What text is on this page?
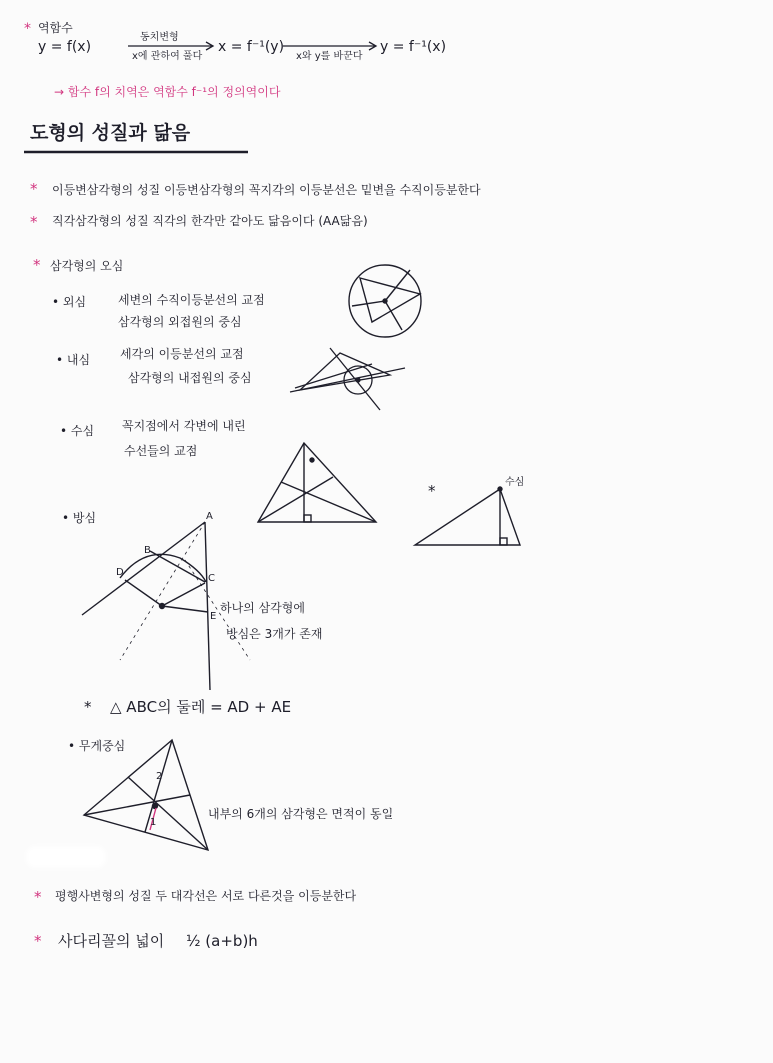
* 역함수
y = f(x)
동치변형
x에 관하여 풀다
x = f⁻¹(y)
x와 y를 바꾼다
y = f⁻¹(x)
→ 함수 f의 치역은 역함수 f⁻¹의 정의역이다
도형의 성질과 닮음
* 이등변삼각형의 성질 이등변삼각형의 꼭지각의 이등분선은 밑변을 수직이등분한다
* 직각삼각형의 성질 직각의 한각만 같아도 닮음이다 (AA닮음)
* 삼각형의 오심
• 외심	세변의 수직이등분선의 교점
삼각형의 외접원의 중심
• 내심 세각의 이등분선의 교점
삼각형의 내접원의 중심
• 수심 꼭지점에서 각변에 내린
수선들의 교점
*	수심
• 방심	A
B
C
D
E
하나의 삼각형에
방심은 3개가 존재
* △ ABC의 둘레 = AD + AE
• 무게중심
2
1
내부의 6개의 삼각형은 면적이 동일
* 평행사변형의 성질 두 대각선은 서로 다른것을 이등분한다
* 사다리꼴의 넓이 ½ (a+b)h
